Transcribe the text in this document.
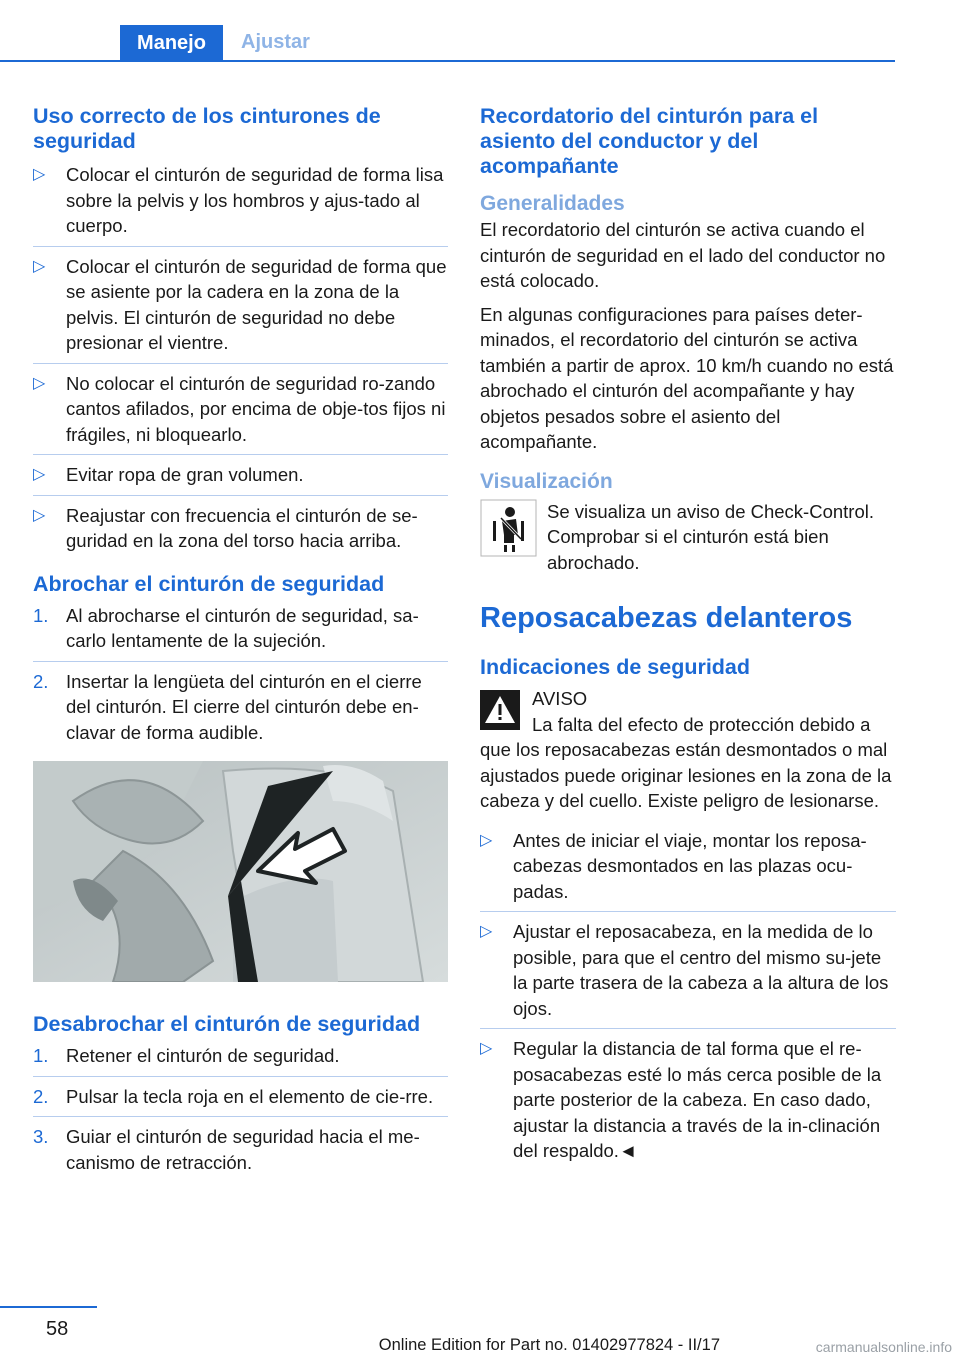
Manejo Ajustar
Uso correcto de los cinturones de seguridad
▷ Colocar el cinturón de seguridad de forma lisa sobre la pelvis y los hombros y ajus-tado al cuerpo.
▷ Colocar el cinturón de seguridad de forma que se asiente por la cadera en la zona de la pelvis. El cinturón de seguridad no debe presionar el vientre.
▷ No colocar el cinturón de seguridad ro-zando cantos afilados, por encima de obje-tos fijos ni frágiles, ni bloquearlo.
▷ Evitar ropa de gran volumen.
▷ Reajustar con frecuencia el cinturón de se-guridad en la zona del torso hacia arriba.
Abrochar el cinturón de seguridad
1. Al abrocharse el cinturón de seguridad, sa-carlo lentamente de la sujeción.
2. Insertar la lengüeta del cinturón en el cierre del cinturón. El cierre del cinturón debe en-clavar de forma audible.
Desabrochar el cinturón de seguridad
1. Retener el cinturón de seguridad.
2. Pulsar la tecla roja en el elemento de cie-rre.
3. Guiar el cinturón de seguridad hacia el me-canismo de retracción.
Recordatorio del cinturón para el asiento del conductor y del acompañante
Generalidades
El recordatorio del cinturón se activa cuando el cinturón de seguridad en el lado del conductor no está colocado.
En algunas configuraciones para países deter-minados, el recordatorio del cinturón se activa también a partir de aprox. 10 km/h cuando no está abrochado el cinturón del acompañante y hay objetos pesados sobre el asiento del acompañante.
Visualización
Se visualiza un aviso de Check-Control. Comprobar si el cinturón está bien abrochado.
Reposacabezas delanteros
Indicaciones de seguridad
AVISO
La falta del efecto de protección debido a que los reposacabezas están desmontados o mal ajustados puede originar lesiones en la zona de la cabeza y del cuello. Existe peligro de lesionarse.
▷ Antes de iniciar el viaje, montar los reposa-cabezas desmontados en las plazas ocu-padas.
▷ Ajustar el reposacabeza, en la medida de lo posible, para que el centro del mismo su-jete la parte trasera de la cabeza a la altura de los ojos.
▷ Regular la distancia de tal forma que el re-posacabezas esté lo más cerca posible de la parte posterior de la cabeza. En caso dado, ajustar la distancia a través de la in-clinación del respaldo.◄
58
Online Edition for Part no. 01402977824 - II/17	carmanualsonline.info
